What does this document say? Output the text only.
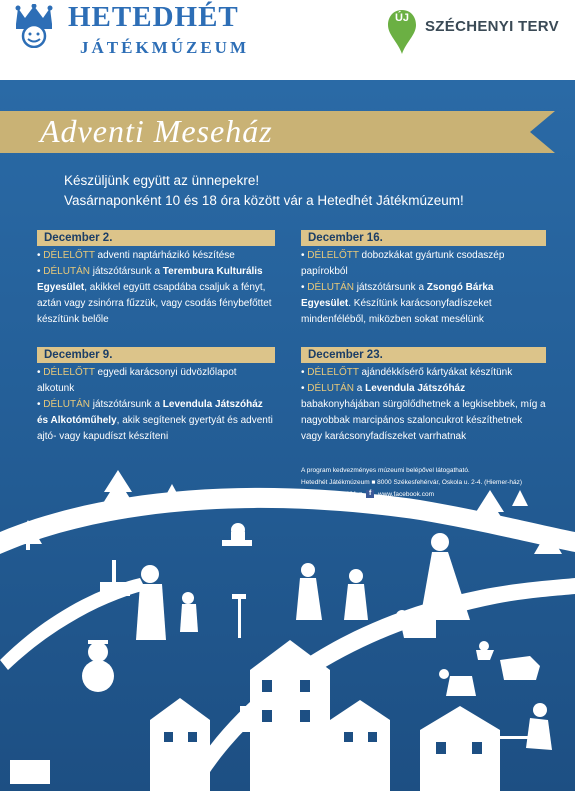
HETEDHÉT
JÁTÉKMÚZEUM
ÚJ SZÉCHENYI TERV
Adventi Meseház
Készüljünk együtt az ünnepekre!
Vasárnaponként 10 és 18 óra között vár a Hetedhét Játékmúzeum!
December 2.

• DÉLELŐTT adventi naptárházikó készítése

• DÉLUTÁN játszótársunk a Terembura Kulturális Egyesület, akikkel együtt csapdába csaljuk a fényt, aztán vagy zsinórra fűzzük, vagy csodás fénybefőttet készítünk belőle

December 9.

• DÉLELŐTT egyedi karácsonyi üdvözlőlapot alkotunk

• DÉLUTÁN játszótársunk a Levendula Játszóház és Alkotóműhely, akik segítenek gyertyát és adventi ajtó- vagy kapudíszt készíteni

December 16.

• DÉLELŐTT dobozkákat gyártunk csodaszép papírokból

• DÉLUTÁN játszótársunk a Zsongó Bárka Egyesület. Készítünk karácsonyfadíszeket mindenféléből, miközben sokat mesélünk

December 23.

• DÉLELŐTT ajándékkísérő kártyákat készítünk

• DÉLUTÁN a Levendula Játszóház babakonyhájában sürgölődhetnek a legkisebbek, míg a nagyobbak marcipános szaloncukrot készíthetnek vagy karácsonyfadíszeket varrhatnak

A program kedvezményes múzeumi belépővel látogatható.
Hetedhét Játékmúzeum ■ 8000 Székesfehérvár, Oskola u. 2-4. (Hiemer-ház)
Tel.: 06 22 202-601 ■ f www.facebook.com
